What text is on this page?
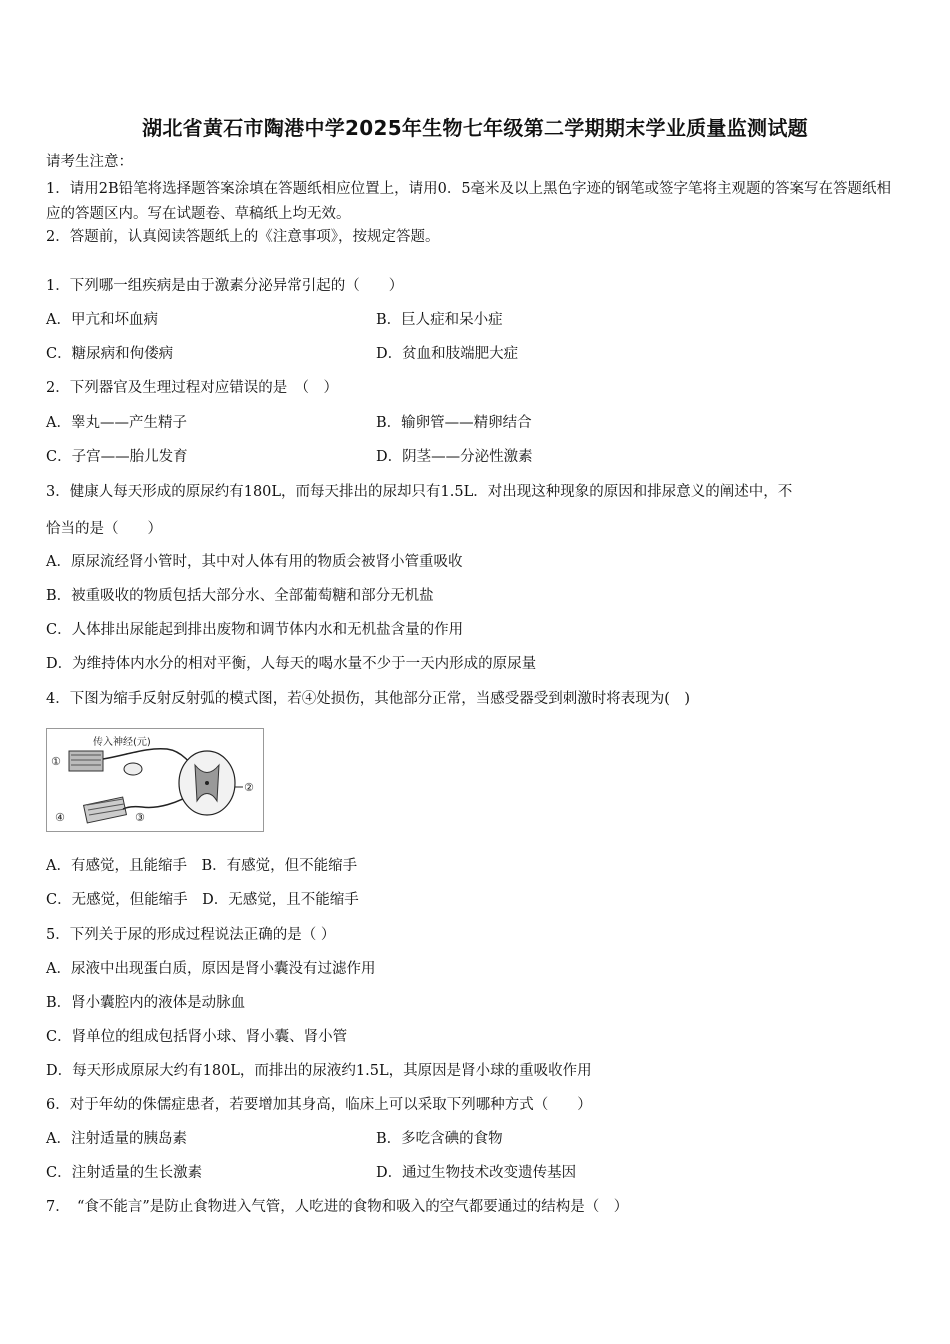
湖北省黄石市陶港中学2025年生物七年级第二学期期末学业质量监测试题
请考生注意：
1．请用2B铅笔将选择题答案涂填在答题纸相应位置上，请用0．5毫米及以上黑色字迹的钢笔或签字笔将主观题的答案写在答题纸相应的答题区内。写在试题卷、草稿纸上均无效。
2．答题前，认真阅读答题纸上的《注意事项》，按规定答题。
1．下列哪一组疾病是由于激素分泌异常引起的（　　）
A．甲亢和坏血病	B．巨人症和呆小症
C．糖尿病和佝偻病	D．贫血和肢端肥大症
2．下列器官及生理过程对应错误的是　（　）
A．睾丸——产生精子	B．输卵管——精卵结合
C．子宫——胎儿发育	D．阴茎——分泌性激素
3．健康人每天形成的原尿约有180L，而每天排出的尿却只有1.5L．对出现这种现象的原因和排尿意义的阐述中，不
恰当的是（　　）
A．原尿流经肾小管时，其中对人体有用的物质会被肾小管重吸收
B．被重吸收的物质包括大部分水、全部葡萄糖和部分无机盐
C．人体排出尿能起到排出废物和调节体内水和无机盐含量的作用
D．为维持体内水分的相对平衡，人每天的喝水量不少于一天内形成的原尿量
4．下图为缩手反射反射弧的模式图，若④处损伤，其他部分正常，当感受器受到刺激时将表现为(　)
传入神经(元)
①
②
③
④
A．有感觉，且能缩手　B．有感觉，但不能缩手
C．无感觉，但能缩手　D．无感觉，且不能缩手
5．下列关于尿的形成过程说法正确的是（ ）
A．尿液中出现蛋白质，原因是肾小囊没有过滤作用
B．肾小囊腔内的液体是动脉血
C．肾单位的组成包括肾小球、肾小囊、肾小管
D．每天形成原尿大约有180L，而排出的尿液约1.5L，其原因是肾小球的重吸收作用
6．对于年幼的侏儒症患者，若要增加其身高，临床上可以采取下列哪种方式（　　）
A．注射适量的胰岛素	B．多吃含碘的食物
C．注射适量的生长激素	D．通过生物技术改变遗传基因
7．　“食不能言”是防止食物进入气管，人吃进的食物和吸入的空气都要通过的结构是（　）
